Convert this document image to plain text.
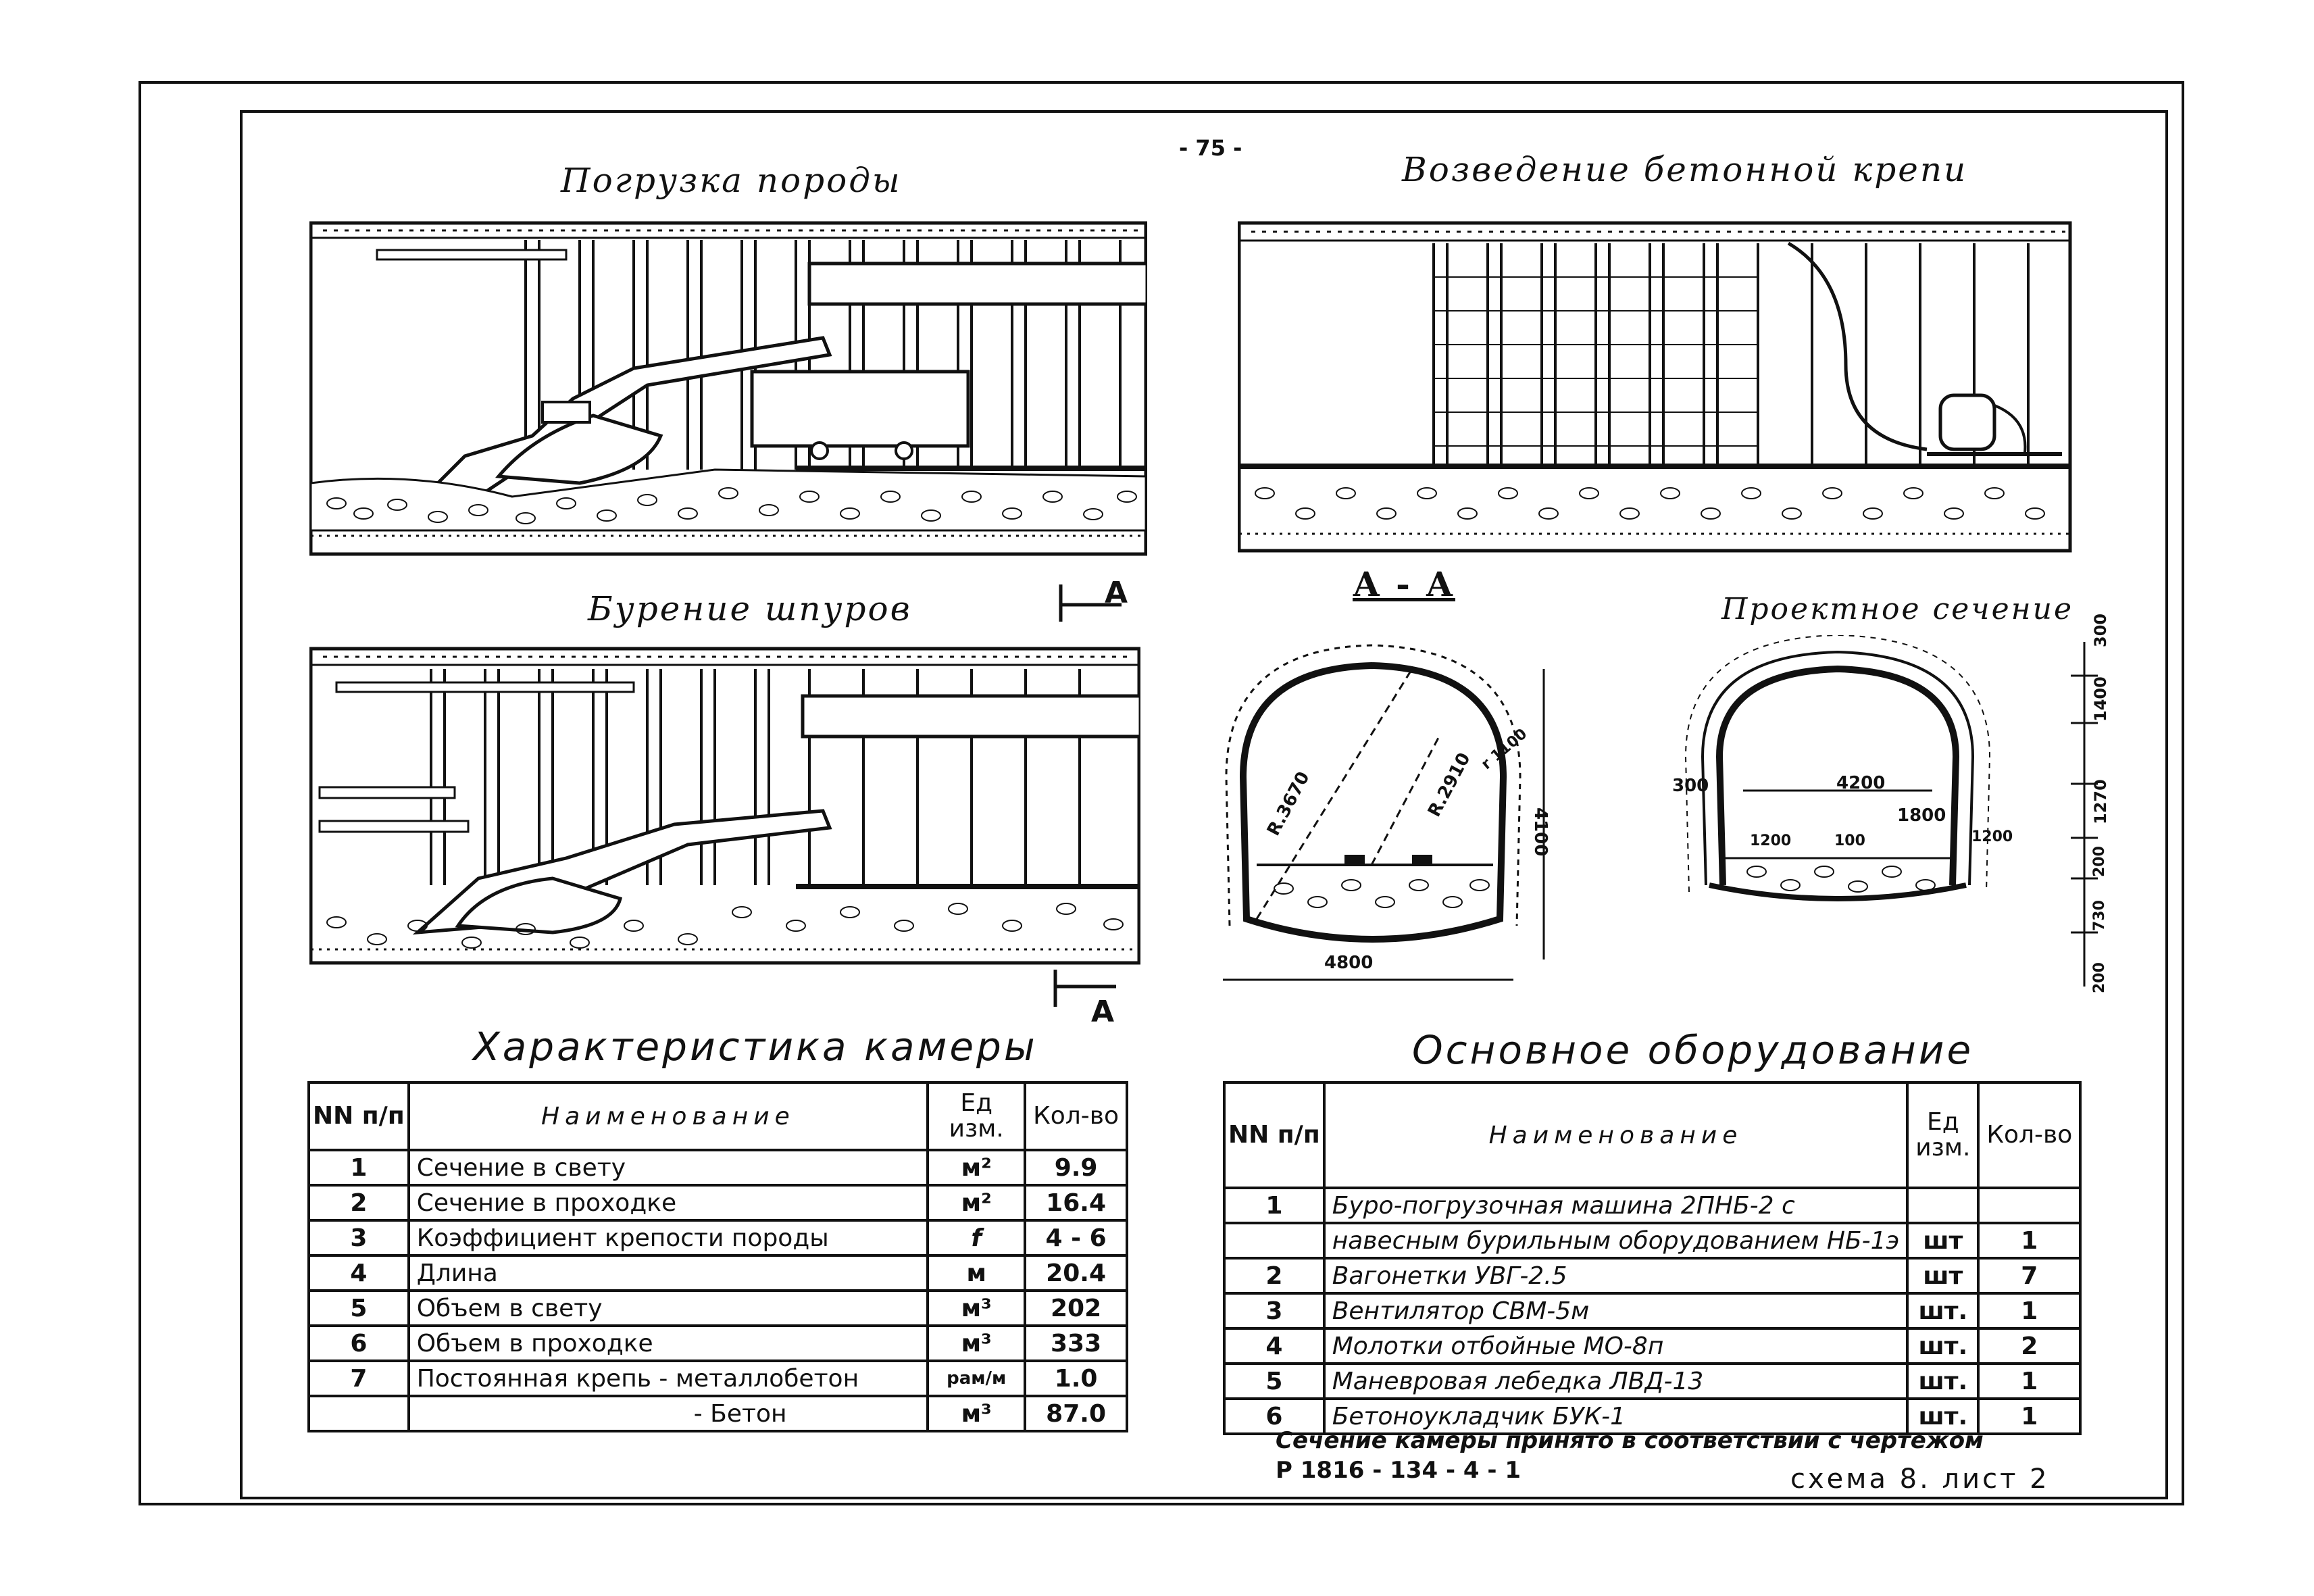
- 75 -
Погрузка породы	Возведение бетонной крепи
Бурение шпуров
А - А
Проектное сечение
А
А
R.3670	R.2910
r 1100
4100
4800
4200
300
1800
1200	100	1200
300
1400
1270
200
730
200
Характеристика камеры	Основное оборудование
NN п/п	Наименование	Ед изм.	Кол-во
1	Сечение в свету	м²	9.9
2	Сечение в проходке	м²	16.4
3	Коэффициент крепости породы	f	4 - 6
4	Длина	м	20.4
5	Объем в свету	м³	202
6	Объем в проходке	м³	333
7	Постоянная крепь - металлобетон	рам/м	1.0
	- Бетон	м³	87.0
NN п/п	Наименование	Ед изм.	Кол-во
1	Буро-погрузочная машина 2ПНБ-2 с		
	навесным бурильным оборудованием НБ-1э	шт	1
2	Вагонетки УВГ-2.5	шт	7
3	Вентилятор СВМ-5м	шт.	1
4	Молотки отбойные МО-8п	шт.	2
5	Маневровая лебедка ЛВД-13	шт.	1
6	Бетоноукладчик БУК-1	шт.	1
Сечение камеры принято в соответствии с чертежом
Р 1816 - 134 - 4 - 1	схема 8. лист 2
